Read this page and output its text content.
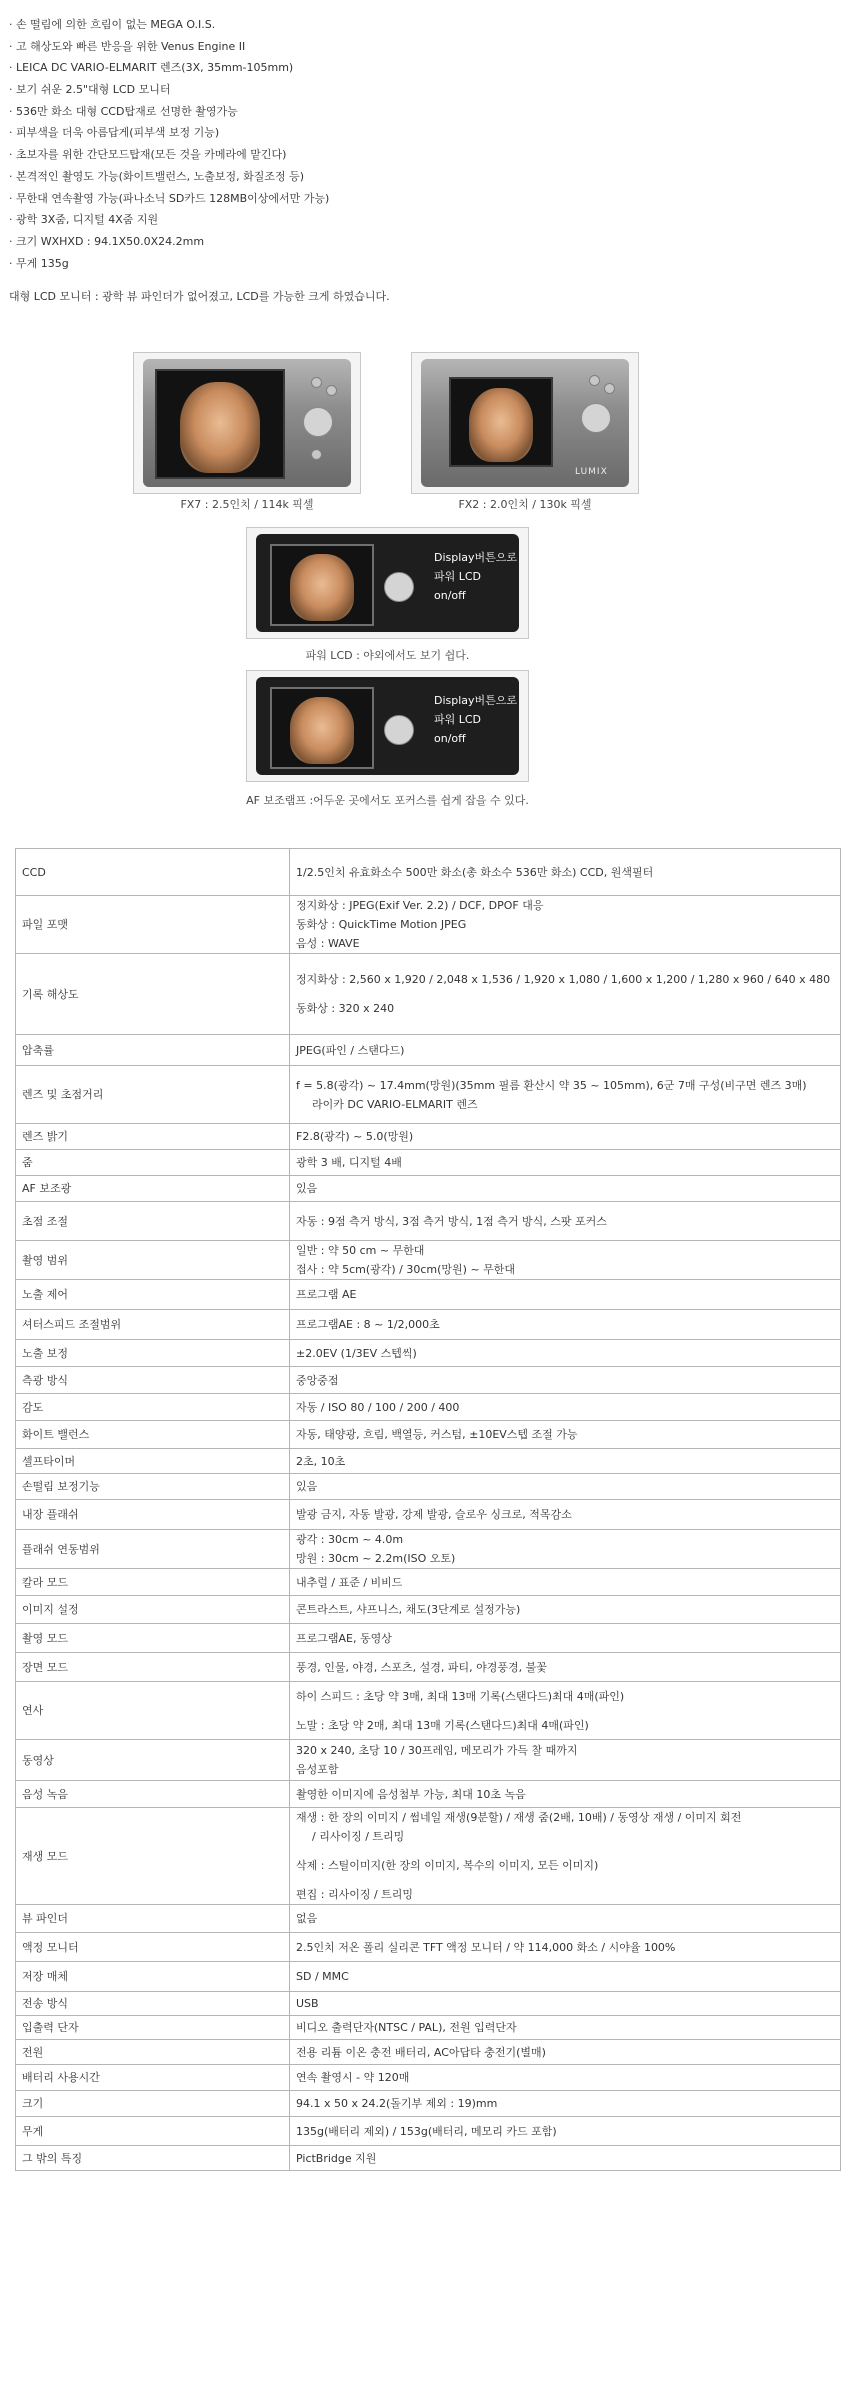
· 손 떨림에 의한 흐림이 없는 MEGA O.I.S.
· 고 해상도와 빠른 반응을 위한 Venus Engine II
· LEICA DC VARIO-ELMARIT 렌즈(3X, 35mm-105mm)
· 보기 쉬운 2.5"대형 LCD 모니터
· 536만 화소 대형 CCD탑재로 선명한 촬영가능
· 피부색을 더욱 아름답게(피부색 보정 기능)
· 초보자를 위한 간단모드탑재(모든 것을 카메라에 맡긴다)
· 본격적인 촬영도 가능(화이트밸런스, 노출보정, 화질조정 등)
· 무한대 연속촬영 가능(파나소닉 SD카드 128MB이상에서만 가능)
· 광학 3X줌, 디지털 4X줌 지원
· 크기 WXHXD : 94.1X50.0X24.2mm
· 무게 135g
대형 LCD 모니터 : 광학 뷰 파인더가 없어졌고, LCD를 가능한 크게 하였습니다.
FX7 : 2.5인치 / 114k 픽셀
LUMIX
FX2 : 2.0인치 / 130k 픽셀
Display버튼으로
파워 LCD
on/off
파워 LCD : 야외에서도 보기 쉽다.
Display버튼으로
파워 LCD
on/off
AF 보조램프 :어두운 곳에서도 포커스를 쉽게 잡을 수 있다.
CCD	1/2.5인치 유효화소수 500만 화소(총 화소수 536만 화소) CCD, 원색필터

파일 포맷	정지화상 : JPEG(Exif Ver. 2.2) / DCF, DPOF 대응
동화상 : QuickTime Motion JPEG
음성 : WAVE

기록 해상도	정지화상 : 2,560 x 1,920 / 2,048 x 1,536 / 1,920 x 1,080 / 1,600 x 1,200 / 1,280 x 960 / 640 x 480
동화상 : 320 x 240

압축률	JPEG(파인 / 스탠다드)

렌즈 및 초점거리	f = 5.8(광각) ~ 17.4mm(망원)(35mm 필름 환산시 약 35 ~ 105mm), 6군 7매 구성(비구면 렌즈 3매)
라이카 DC VARIO-ELMARIT 렌즈

렌즈 밝기	F2.8(광각) ~ 5.0(망원)

줌	광학 3 배, 디지털 4배

AF 보조광	있음

초점 조절	자동 : 9점 측거 방식, 3점 측거 방식, 1점 측거 방식, 스팟 포커스

촬영 범위	일반 : 약 50 cm ~ 무한대
접사 : 약 5cm(광각) / 30cm(망원) ~ 무한대

노출 제어	프로그램 AE

셔터스피드 조절범위	프로그램AE : 8 ~ 1/2,000초

노출 보정	±2.0EV (1/3EV 스텝씩)

측광 방식	중앙중점

감도	자동 / ISO 80 / 100 / 200 / 400

화이트 밸런스	자동, 태양광, 흐림, 백열등, 커스텀, ±10EV스텝 조절 가능

셀프타이머	2초, 10초

손떨림 보정기능	있음

내장 플래쉬	발광 금지, 자동 발광, 강제 발광, 슬로우 싱크로, 적목감소

플래쉬 연동범위	광각 : 30cm ~ 4.0m
망원 : 30cm ~ 2.2m(ISO 오토)

칼라 모드	내추럴 / 표준 / 비비드

이미지 설정	콘트라스트, 샤프니스, 채도(3단계로 설정가능)

촬영 모드	프로그램AE, 동영상

장면 모드	풍경, 인물, 야경, 스포츠, 설경, 파티, 야경풍경, 불꽃

연사	하이 스피드 : 초당 약 3매, 최대 13매 기록(스탠다드)최대 4매(파인)
노말 : 초당 약 2매, 최대 13매 기록(스탠다드)최대 4매(파인)

동영상	320 x 240, 초당 10 / 30프레임, 메모리가 가득 찰 때까지
음성포함

음성 녹음	촬영한 이미지에 음성첨부 가능, 최대 10초 녹음

재생 모드	재생 : 한 장의 이미지 / 썸네일 재생(9분할) / 재생 줌(2배, 10배) / 동영상 재생 / 이미지 회전
/ 리사이징 / 트리밍
삭제 : 스틸이미지(한 장의 이미지, 복수의 이미지, 모든 이미지)
편집 : 리사이징 / 트리밍

뷰 파인더	없음

액정 모니터	2.5인치 저온 폴리 실리콘 TFT 액정 모니터 / 약 114,000 화소 / 시야율 100%

저장 매체	SD / MMC

전송 방식	USB

입출력 단자	비디오 출력단자(NTSC / PAL), 전원 입력단자

전원	전용 리튬 이온 충전 배터리, AC아답타 충전기(별매)

배터리 사용시간	연속 촬영시 - 약 120매

크기	94.1 x 50 x 24.2(돌기부 제외 : 19)mm

무게	135g(배터리 제외) / 153g(배터리, 메모리 카드 포함)

그 밖의 특징	PictBridge 지원
